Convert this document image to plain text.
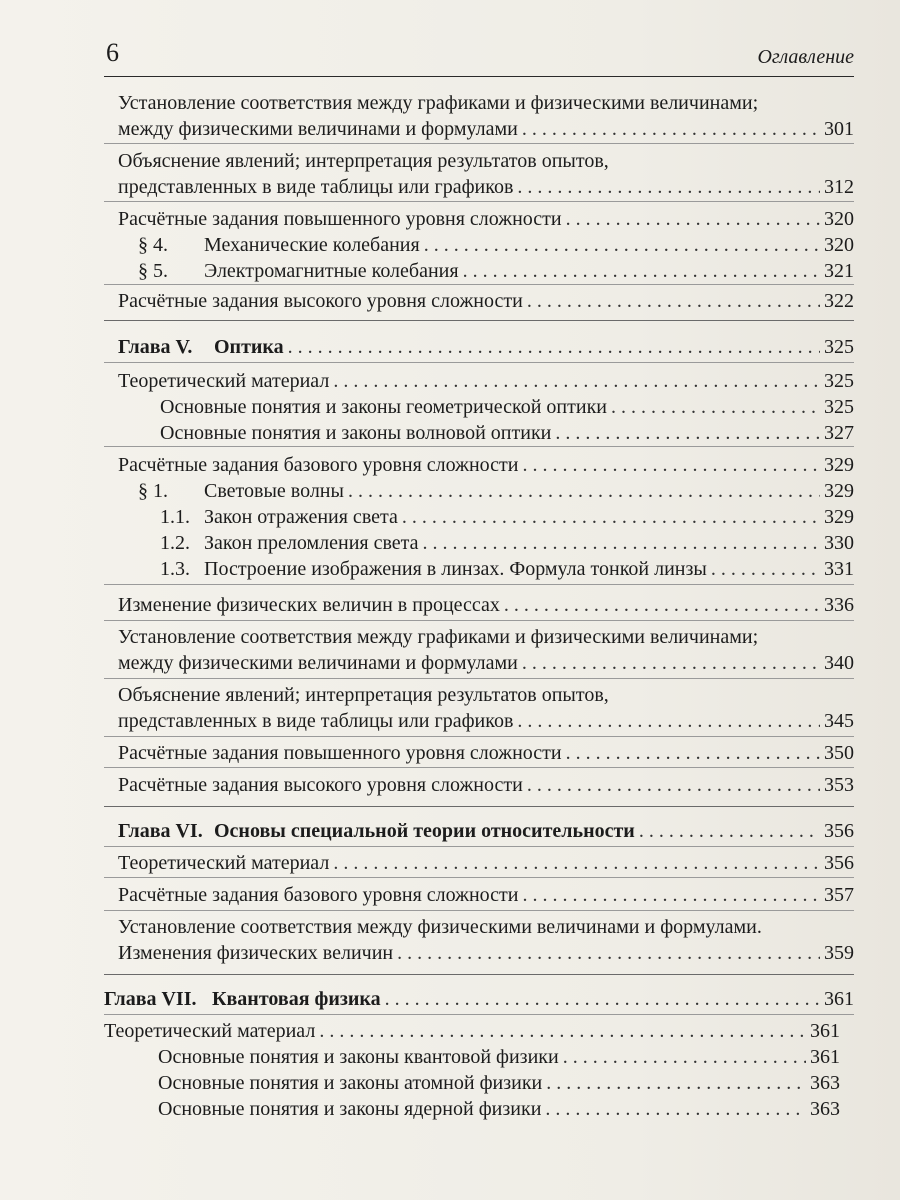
6	Оглавление
Установление соответствия между графиками и физическими величинами;
между физическими величинами и формулами . . .	301
Объяснение явлений; интерпретация результатов опытов,
представленных в виде таблицы или графиков . . .	312
Расчётные задания повышенного уровня сложности . . .	320
§ 4.	Механические колебания . . .	320
§ 5.	Электромагнитные колебания . . .	321
Расчётные задания высокого уровня сложности . . .	322
Глава V.	Оптика . . .	325
Теоретический материал . . .	325
Основные понятия и законы геометрической оптики . . .	325
Основные понятия и законы волновой оптики . . .	327
Расчётные задания базового уровня сложности . . .	329
§ 1.	Световые волны . . .	329
1.1. Закон отражения света . . .	329
1.2. Закон преломления света . . .	330
1.3. Построение изображения в линзах. Формула тонкой линзы . . .	331
Изменение физических величин в процессах . . .	336
Установление соответствия между графиками и физическими величинами;
между физическими величинами и формулами . . .	340
Объяснение явлений; интерпретация результатов опытов,
представленных в виде таблицы или графиков . . .	345
Расчётные задания повышенного уровня сложности . . .	350
Расчётные задания высокого уровня сложности . . .	353
Глава VI. Основы специальной теории относительности . . .	356
Теоретический материал . . .	356
Расчётные задания базового уровня сложности . . .	357
Установление соответствия между физическими величинами и формулами.
Изменения физических величин . . .	359
Глава VII. Квантовая физика . . .	361
Теоретический материал . . .	361
Основные понятия и законы квантовой физики . . .	361
Основные понятия и законы атомной физики . . .	363
Основные понятия и законы ядерной физики . . .	363
